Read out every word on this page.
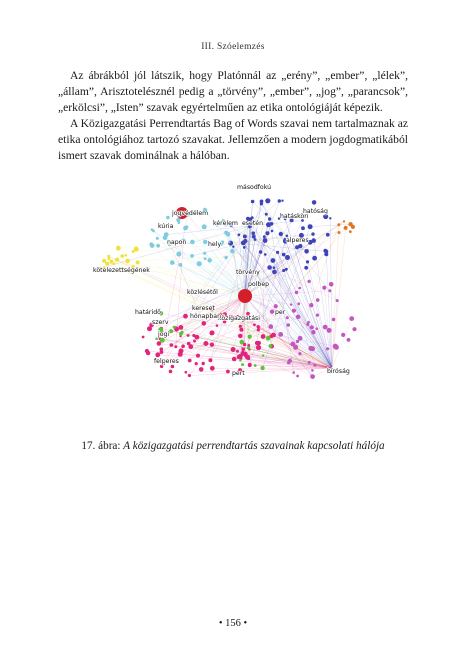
III. Szóelemzés

Az ábrákból jól látszik, hogy Platónnál az „erény”, „ember”, „lélek”, „állam”, Arisztotelésznél pedig a „törvény”, „ember”, „jog”, „parancsok”, „erkölcsi”, „Isten” szavak egyértelműen az etika ontológiáját képezik.

A Közigazgatási Perrendtartás Bag of Words szavai nem tartalmaznak az etika ontológiához tartozó szavakat. Jellemzően a modern jogdogmatikából ismert szavak dominálnak a hálóban.

másodfokú
jogvédelem	hatásköri
kúria
hatóság
kérelem esetén
alperes
napon	hely
kötelezettségének	törvény
polbep
közigazgatási
kereset
közlésétől
határidő
hónapban
szerv
jogi
felperes
per
pert	bíróság
17. ábra: A közigazgatási perrendtartás szavainak kapcsolati hálója
• 156 •
